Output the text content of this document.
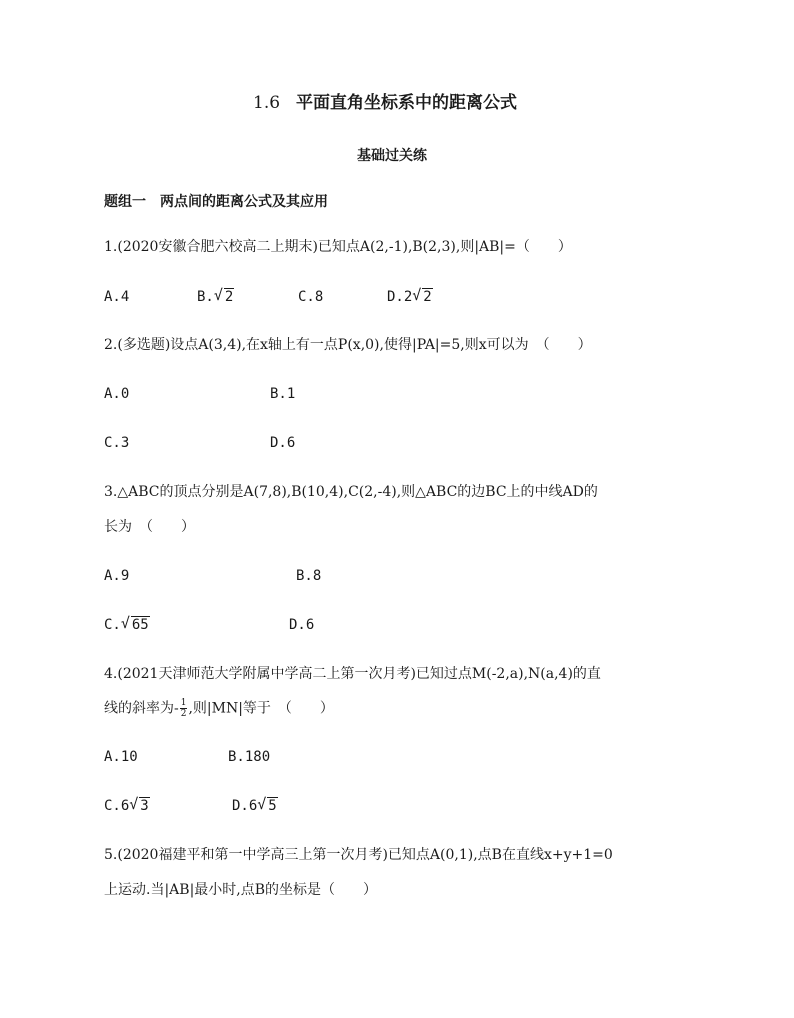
1.6 平面直角坐标系中的距离公式
基础过关练
题组一　两点间的距离公式及其应用
1.(2020安徽合肥六校高二上期末)已知点A(2,-1),B(2,3),则|AB|=（　　）
A.4	B. √ 2	C.8	D.2 √ 2
2.(多选题)设点A(3,4),在x轴上有一点P(x,0),使得|PA|=5,则x可以为　（　　）
A.0	B.1
C.3	D.6
3.△ABC的顶点分别是A(7,8),B(10,4),C(2,-4),则△ABC的边BC上的中线AD的
长为　（　　）
A.9	B.8
C. √ 65	D.6
4.(2021天津师范大学附属中学高二上第一次月考)已知过点M(-2,a),N(a,4)的直
线的斜率为- $\frac{1}{2}$ ,则|MN|等于　（　　）
A.10	B.180
C.6 √ 3	D.6 √ 5
5.(2020福建平和第一中学高三上第一次月考)已知点A(0,1),点B在直线x+y+1=0
上运动.当|AB|最小时,点B的坐标是（　　）
